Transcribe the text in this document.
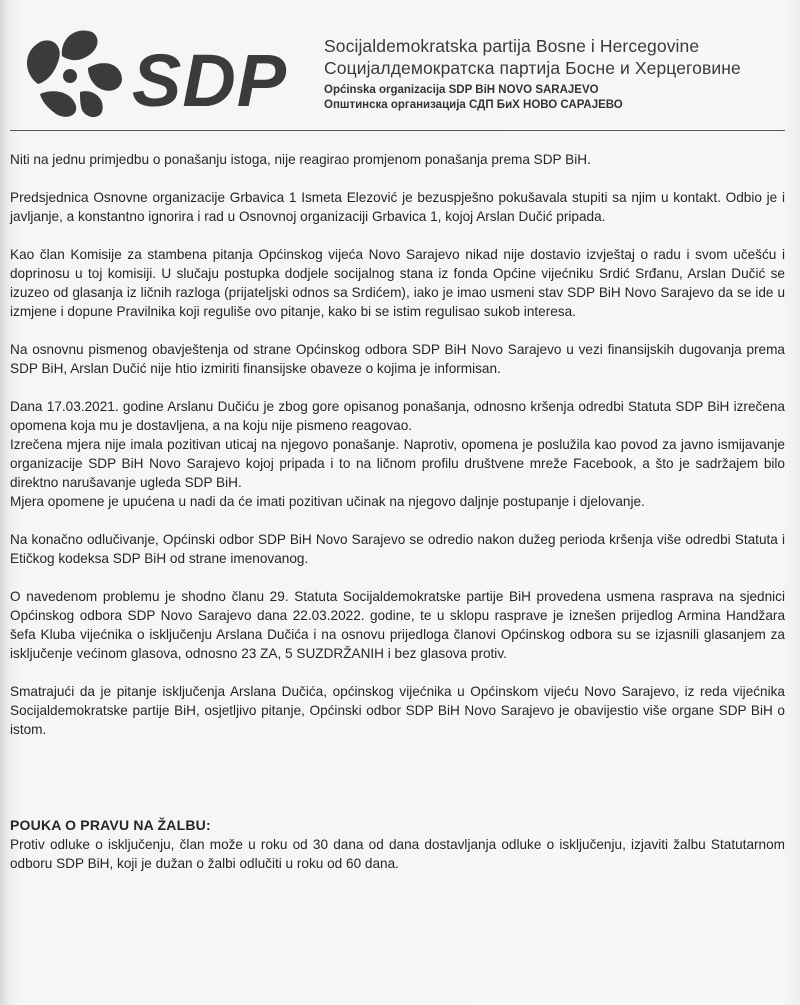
SDP Socijaldemokratska partija Bosne i Hercegovine
Социјалдемократска партија Босне и Херцеговине
Općinska organizacija SDP BiH NOVO SARAJEVO
Општинска организација СДП БиХ НОВО САРАЈЕВО

Niti na jednu primjedbu o ponašanju istoga, nije reagirao promjenom ponašanja prema SDP BiH.

Predsjednica Osnovne organizacije Grbavica 1 Ismeta Elezović je bezuspješno pokušavala stupiti sa njim u kontakt. Odbio je i javljanje, a konstantno ignorira i rad u Osnovnoj organizaciji Grbavica 1, kojoj Arslan Dučić pripada.

Kao član Komisije za stambena pitanja Općinskog vijeća Novo Sarajevo nikad nije dostavio izvještaj o radu i svom učešću i doprinosu u toj komisiji. U slučaju postupka dodjele socijalnog stana iz fonda Općine vijećniku Srdić Srđanu, Arslan Dučić se izuzeo od glasanja iz ličnih razloga (prijateljski odnos sa Srdićem), iako je imao usmeni stav SDP BiH Novo Sarajevo da se ide u izmjene i dopune Pravilnika koji reguliše ovo pitanje, kako bi se istim regulisao sukob interesa.

Na osnovnu pismenog obavještenja od strane Općinskog odbora SDP BiH Novo Sarajevo u vezi finansijskih dugovanja prema SDP BiH, Arslan Dučić nije htio izmiriti finansijske obaveze o kojima je informisan.

Dana 17.03.2021. godine Arslanu Dučiću je zbog gore opisanog ponašanja, odnosno kršenja odredbi Statuta SDP BiH izrečena opomena koja mu je dostavljena, a na koju nije pismeno reagovao.

Izrečena mjera nije imala pozitivan uticaj na njegovo ponašanje. Naprotiv, opomena je poslužila kao povod za javno ismijavanje organizacije SDP BiH Novo Sarajevo kojoj pripada i to na ličnom profilu društvene mreže Facebook, a što je sadržajem bilo direktno narušavanje ugleda SDP BiH.

Mjera opomene je upućena u nadi da će imati pozitivan učinak na njegovo daljnje postupanje i djelovanje.

Na konačno odlučivanje, Općinski odbor SDP BiH Novo Sarajevo se odredio nakon dužeg perioda kršenja više odredbi Statuta i Etičkog kodeksa SDP BiH od strane imenovanog.

O navedenom problemu je shodno članu 29. Statuta Socijaldemokratske partije BiH provedena usmena rasprava na sjednici Općinskog odbora SDP Novo Sarajevo dana 22.03.2022. godine, te u sklopu rasprave je iznešen prijedlog Armina Handžara šefa Kluba vijećnika o isključenju Arslana Dučića i na osnovu prijedloga članovi Općinskog odbora su se izjasnili glasanjem za isključenje većinom glasova, odnosno 23 ZA, 5 SUZDRŽANIH i bez glasova protiv.

Smatrajući da je pitanje isključenja Arslana Dučića, općinskog vijećnika u Općinskom vijeću Novo Sarajevo, iz reda vijećnika Socijaldemokratske partije BiH, osjetljivo pitanje, Općinski odbor SDP BiH Novo Sarajevo je obavijestio više organe SDP BiH o istom.

POUKA O PRAVU NA ŽALBU:
Protiv odluke o isključenju, član može u roku od 30 dana od dana dostavljanja odluke o isključenju, izjaviti žalbu Statutarnom odboru SDP BiH, koji je dužan o žalbi odlučiti u roku od 60 dana.
